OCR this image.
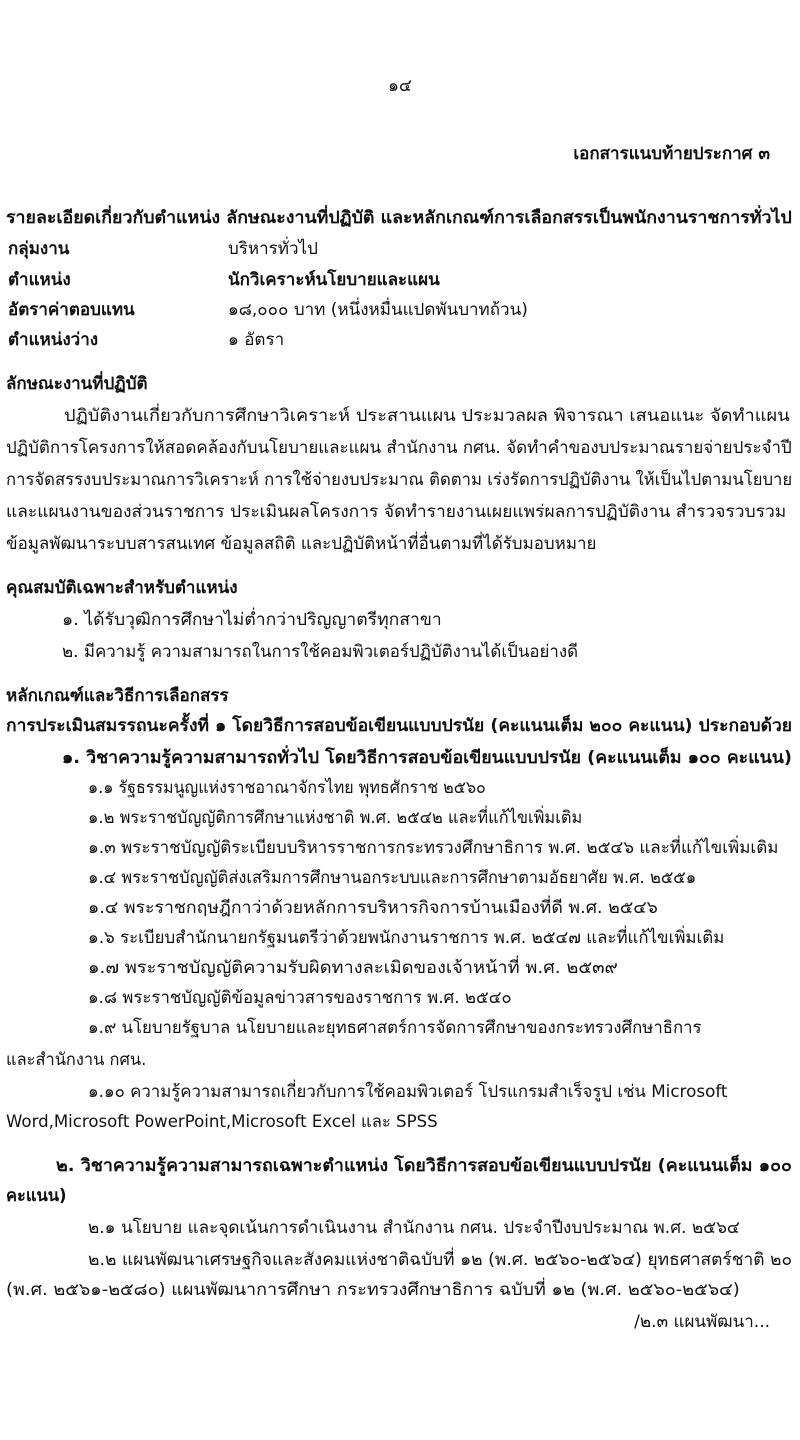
๑๔
เอกสารแนบท้ายประกาศ ๓
รายละเอียดเกี่ยวกับตำแหน่ง ลักษณะงานที่ปฏิบัติ และหลักเกณฑ์การเลือกสรรเป็นพนักงานราชการทั่วไป
กลุ่มงาน	บริหารทั่วไป
ตำแหน่ง	นักวิเคราะห์นโยบายและแผน
อัตราค่าตอบแทน	๑๘,๐๐๐ บาท (หนึ่งหมื่นแปดพันบาทถ้วน)
ตำแหน่งว่าง	๑ อัตรา
ลักษณะงานที่ปฏิบัติ
ปฏิบัติงานเกี่ยวกับการศึกษาวิเคราะห์ ประสานแผน ประมวลผล พิจารณา เสนอแนะ จัดทำแผน
ปฏิบัติการโครงการให้สอดคล้องกับนโยบายและแผน สำนักงาน กศน. จัดทำคำของบประมาณรายจ่ายประจำปี
การจัดสรรงบประมาณการวิเคราะห์ การใช้จ่ายงบประมาณ ติดตาม เร่งรัดการปฏิบัติงาน ให้เป็นไปตามนโยบาย
และแผนงานของส่วนราชการ ประเมินผลโครงการ จัดทำรายงานเผยแพร่ผลการปฏิบัติงาน สำรวจรวบรวม
ข้อมูลพัฒนาระบบสารสนเทศ ข้อมูลสถิติ และปฏิบัติหน้าที่อื่นตามที่ได้รับมอบหมาย
คุณสมบัติเฉพาะสำหรับตำแหน่ง
๑. ได้รับวุฒิการศึกษาไม่ต่ำกว่าปริญญาตรีทุกสาขา
๒. มีความรู้ ความสามารถในการใช้คอมพิวเตอร์ปฏิบัติงานได้เป็นอย่างดี
หลักเกณฑ์และวิธีการเลือกสรร
การประเมินสมรรถนะครั้งที่ ๑ โดยวิธีการสอบข้อเขียนแบบปรนัย (คะแนนเต็ม ๒๐๐ คะแนน) ประกอบด้วย
๑. วิชาความรู้ความสามารถทั่วไป โดยวิธีการสอบข้อเขียนแบบปรนัย (คะแนนเต็ม ๑๐๐ คะแนน)
๑.๑ รัฐธรรมนูญแห่งราชอาณาจักรไทย พุทธศักราช ๒๕๖๐
๑.๒ พระราชบัญญัติการศึกษาแห่งชาติ พ.ศ. ๒๕๔๒ และที่แก้ไขเพิ่มเติม
๑.๓ พระราชบัญญัติระเบียบบริหารราชการกระทรวงศึกษาธิการ พ.ศ. ๒๕๔๖ และที่แก้ไขเพิ่มเติม
๑.๔ พระราชบัญญัติส่งเสริมการศึกษานอกระบบและการศึกษาตามอัธยาศัย พ.ศ. ๒๕๕๑
๑.๔ พระราชกฤษฎีกาว่าด้วยหลักการบริหารกิจการบ้านเมืองที่ดี พ.ศ. ๒๕๔๖
๑.๖ ระเบียบสำนักนายกรัฐมนตรีว่าด้วยพนักงานราชการ พ.ศ. ๒๕๔๗ และที่แก้ไขเพิ่มเติม
๑.๗ พระราชบัญญัติความรับผิดทางละเมิดของเจ้าหน้าที่ พ.ศ. ๒๕๓๙
๑.๘ พระราชบัญญัติข้อมูลข่าวสารของราชการ พ.ศ. ๒๕๔๐
๑.๙ นโยบายรัฐบาล นโยบายและยุทธศาสตร์การจัดการศึกษาของกระทรวงศึกษาธิการ
และสำนักงาน กศน.
๑.๑๐ ความรู้ความสามารถเกี่ยวกับการใช้คอมพิวเตอร์ โปรแกรมสำเร็จรูป เช่น Microsoft
Word,Microsoft PowerPoint,Microsoft Excel และ SPSS
๒. วิชาความรู้ความสามารถเฉพาะตำแหน่ง โดยวิธีการสอบข้อเขียนแบบปรนัย (คะแนนเต็ม ๑๐๐
คะแนน)
๒.๑ นโยบาย และจุดเน้นการดำเนินงาน สำนักงาน กศน. ประจำปีงบประมาณ พ.ศ. ๒๕๖๔
๒.๒ แผนพัฒนาเศรษฐกิจและสังคมแห่งชาติฉบับที่ ๑๒ (พ.ศ. ๒๕๖๐-๒๕๖๔) ยุทธศาสตร์ชาติ ๒๐
(พ.ศ. ๒๕๖๑-๒๕๘๐) แผนพัฒนาการศึกษา กระทรวงศึกษาธิการ ฉบับที่ ๑๒ (พ.ศ. ๒๕๖๐-๒๕๖๔)
/๒.๓ แผนพัฒนา...
